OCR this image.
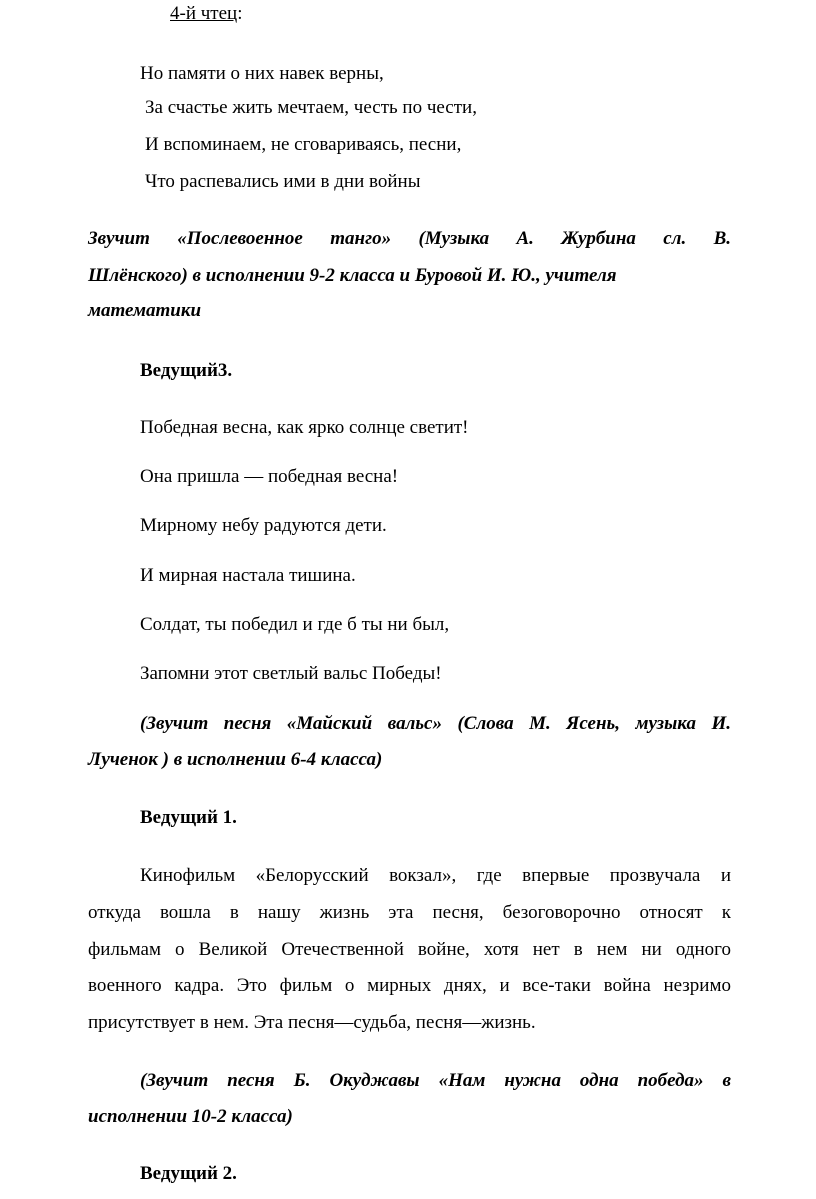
4-й чтец:
Но памяти о них навек верны,
За счастье жить мечтаем, честь по чести,
И вспоминаем, не сговариваясь, песни,
Что распевались ими в дни войны
Звучит «Послевоенное танго» (Музыка А. Журбина сл. В.
Шлёнского) в исполнении 9-2 класса и Буровой И. Ю., учителя
математики
Ведущий3.
Победная весна, как ярко солнце светит!
Она пришла — победная весна!
Мирному небу радуются дети.
И мирная настала тишина.
Солдат, ты победил и где б ты ни был,
Запомни этот светлый вальс Победы!
(Звучит песня «Майский вальс» (Слова М. Ясень, музыка И.
Лученок ) в исполнении 6-4 класса)
Ведущий 1.
Кинофильм «Белорусский вокзал», где впервые прозвучала и
откуда вошла в нашу жизнь эта песня, безоговорочно относят к
фильмам о Великой Отечественной войне, хотя нет в нем ни одного
военного кадра. Это фильм о мирных днях, и все-таки война незримо
присутствует в нем. Эта песня—судьба, песня—жизнь.
(Звучит песня Б. Окуджавы «Нам нужна одна победа» в
исполнении 10-2 класса)
Ведущий 2.
